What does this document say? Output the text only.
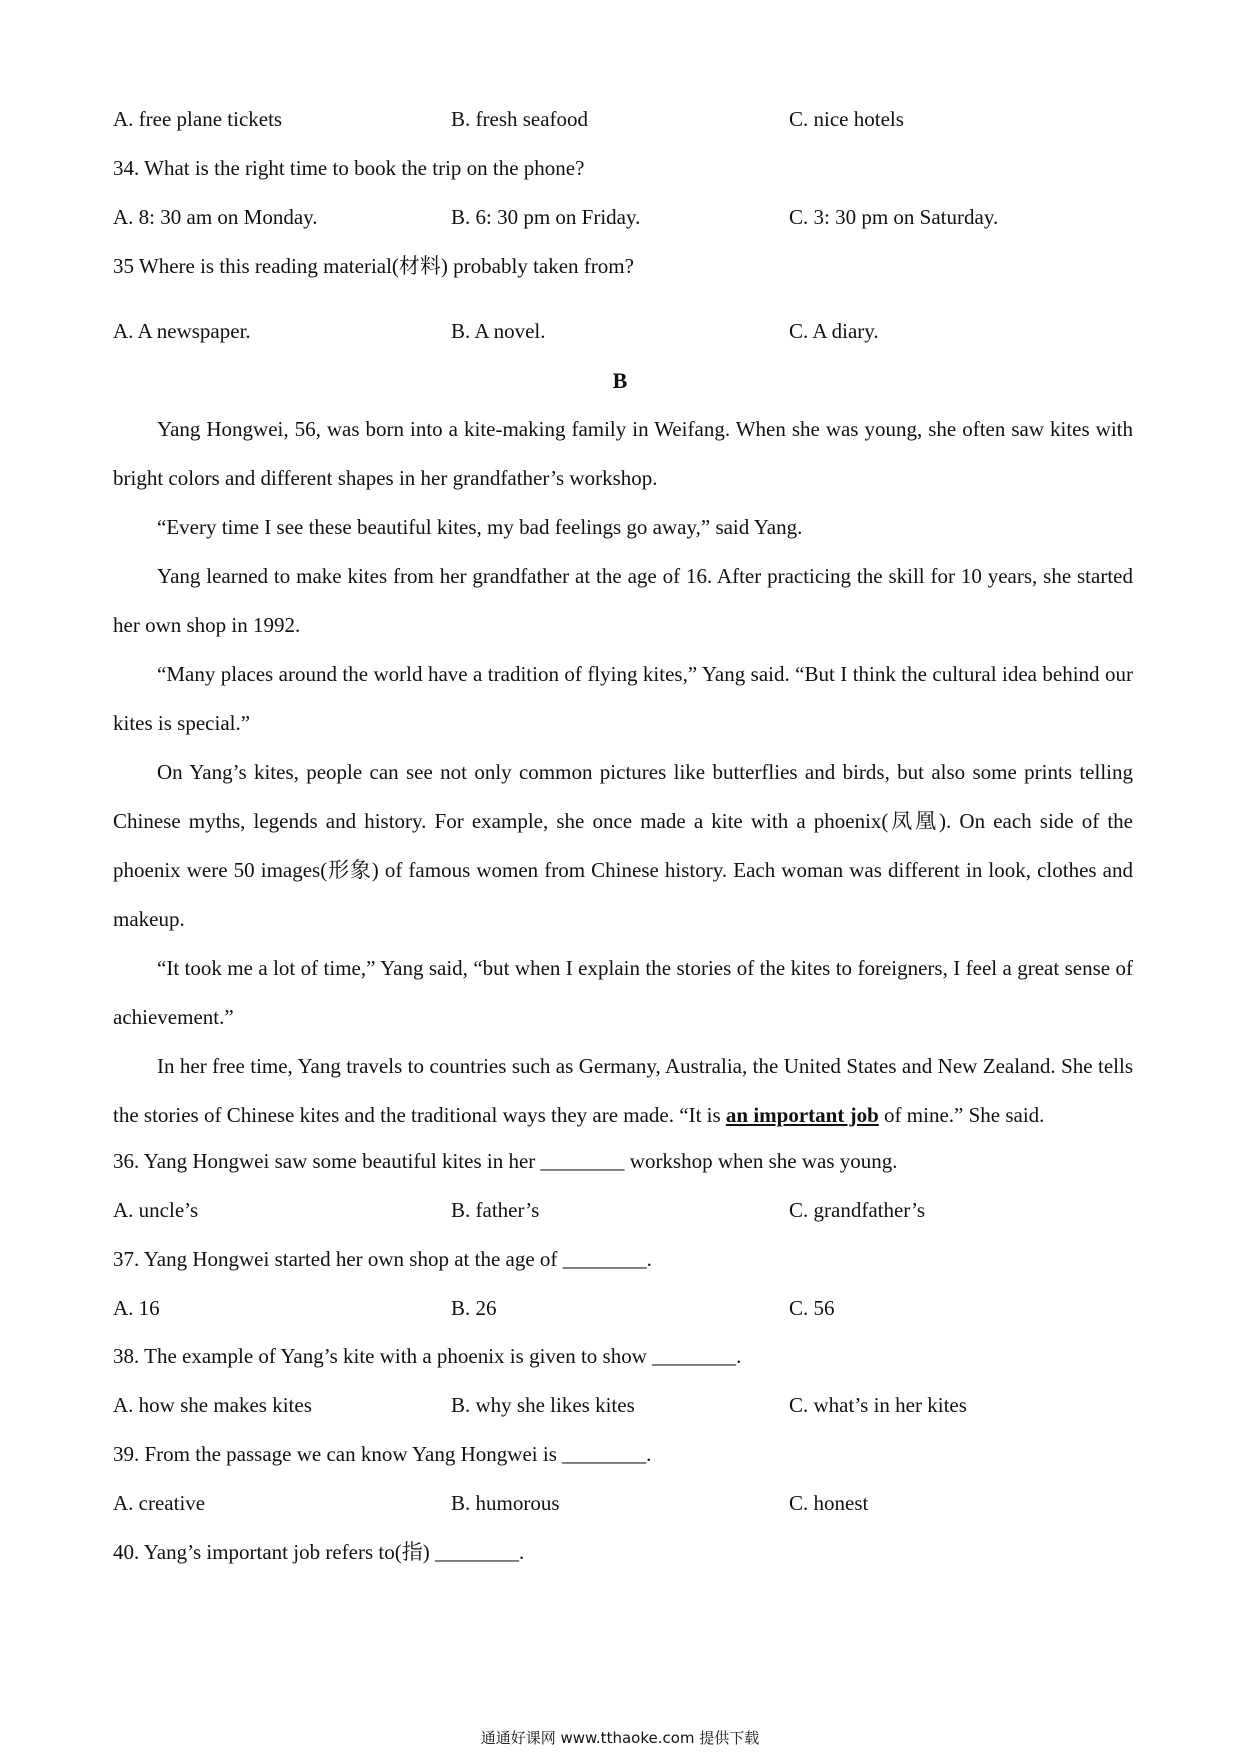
A. free plane tickets	B. fresh seafood	C. nice hotels
34. What is the right time to book the trip on the phone?
A. 8: 30 am on Monday.	B. 6: 30 pm on Friday.	C. 3: 30 pm on Saturday.
35 Where is this reading material(材料) probably taken from?
A. A newspaper.	B. A novel.	C. A diary.
B

Yang Hongwei, 56, was born into a kite-making family in Weifang. When she was young, she often saw kites with bright colors and different shapes in her grandfather’s workshop.

“Every time I see these beautiful kites, my bad feelings go away,” said Yang.

Yang learned to make kites from her grandfather at the age of 16. After practicing the skill for 10 years, she started her own shop in 1992.

“Many places around the world have a tradition of flying kites,” Yang said. “But I think the cultural idea behind our kites is special.”

On Yang’s kites, people can see not only common pictures like butterflies and birds, but also some prints telling Chinese myths, legends and history. For example, she once made a kite with a phoenix(凤凰). On each side of the phoenix were 50 images(形象) of famous women from Chinese history. Each woman was different in look, clothes and makeup.

“It took me a lot of time,” Yang said, “but when I explain the stories of the kites to foreigners, I feel a great sense of achievement.”

In her free time, Yang travels to countries such as Germany, Australia, the United States and New Zealand. She tells the stories of Chinese kites and the traditional ways they are made. “It is an important job of mine.” She said.

36. Yang Hongwei saw some beautiful kites in her ________ workshop when she was young.
A. uncle’s	B. father’s	C. grandfather’s
37. Yang Hongwei started her own shop at the age of ________.
A. 16	B. 26	C. 56
38. The example of Yang’s kite with a phoenix is given to show ________.
A. how she makes kites	B. why she likes kites	C. what’s in her kites
39. From the passage we can know Yang Hongwei is ________.
A. creative	B. humorous	C. honest
40. Yang’s important job refers to(指) ________.
通通好课网 www.tthaoke.com 提供下载
